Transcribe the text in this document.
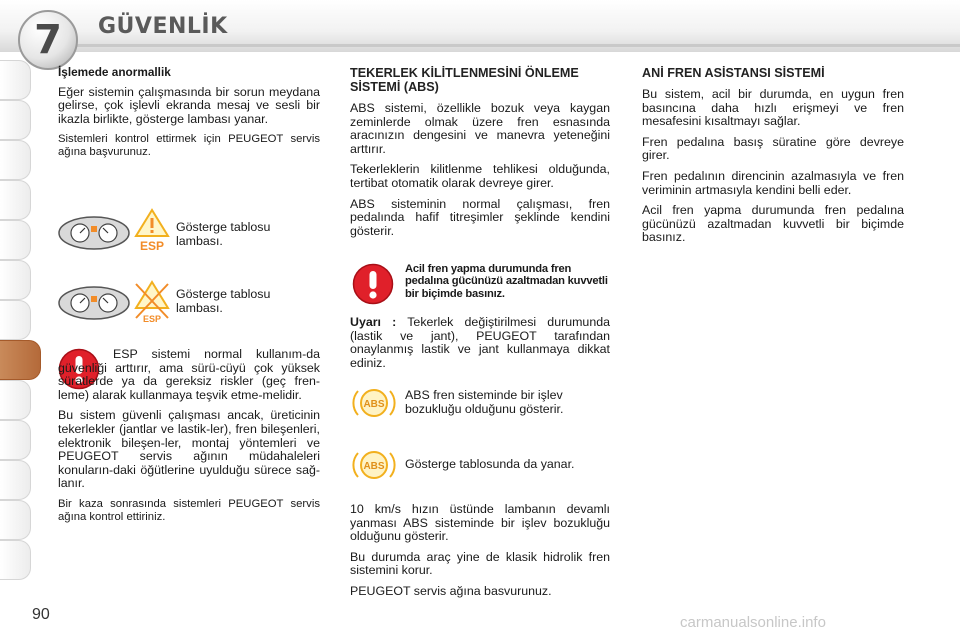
7 GÜVENLİK
İşlemede anormallik

Eğer sistemin çalışmasında bir sorun meydana gelirse, çok işlevli ekranda mesaj ve sesli bir ikazla birlikte, gösterge lambası yanar.

Sistemleri kontrol ettirmek için PEUGEOT servis ağına başvurunuz.

ESP
Gösterge tablosu lambası.
ESP
Gösterge tablosu lambası.

ESP sistemi normal kullanım-da güvenliği arttırır, ama sürü-cüyü çok yüksek süratlerde ya da gereksiz riskler (geç fren-leme) alarak kullanmaya teşvik etme-melidir.

Bu sistem güvenli çalışması ancak, üreticinin tekerlekler (jantlar ve lastik-ler), fren bileşenleri, elektronik bileşen-ler, montaj yöntemleri ve PEUGEOT servis ağının müdahaleleri konuların-daki öğütlerine uyulduğu sürece sağ-lanır.

Bir kaza sonrasında sistemleri PEUGEOT servis ağına kontrol ettiriniz.

TEKERLEK KİLİTLENMESİNİ ÖNLEME SİSTEMİ (ABS)

ABS sistemi, özellikle bozuk veya kaygan zeminlerde olmak üzere fren esnasında aracınızın dengesini ve manevra yeteneğini arttırır.

Tekerleklerin kilitlenme tehlikesi olduğunda, tertibat otomatik olarak devreye girer.

ABS sisteminin normal çalışması, fren pedalında hafif titreşimler şeklinde kendini gösterir.

Acil fren yapma durumunda fren pedalına gücünüzü azaltmadan kuvvetli bir biçimde basınız.

Uyarı : Tekerlek değiştirilmesi durumunda (lastik ve jant), PEUGEOT tarafından onaylanmış lastik ve jant kullanmaya dikkat ediniz.

ABS
ABS fren sisteminde bir işlev bozukluğu olduğunu gösterir.
ABS Gösterge tablosunda da yanar.

10 km/s hızın üstünde lambanın devamlı yanması ABS sisteminde bir işlev bozukluğu olduğunu gösterir.

Bu durumda araç yine de klasik hidrolik fren sistemini korur.

PEUGEOT servis ağına basvurunuz.

ANİ FREN ASİSTANSI SİSTEMİ

Bu sistem, acil bir durumda, en uygun fren basıncına daha hızlı erişmeyi ve fren mesafesini kısaltmayı sağlar.

Fren pedalına basış süratine göre devreye girer.

Fren pedalının direncinin azalmasıyla ve fren veriminin artmasıyla kendini belli eder.

Acil fren yapma durumunda fren pedalına gücünüzü azaltmadan kuvvetli bir biçimde basınız.

90	carmanualsonline.info
